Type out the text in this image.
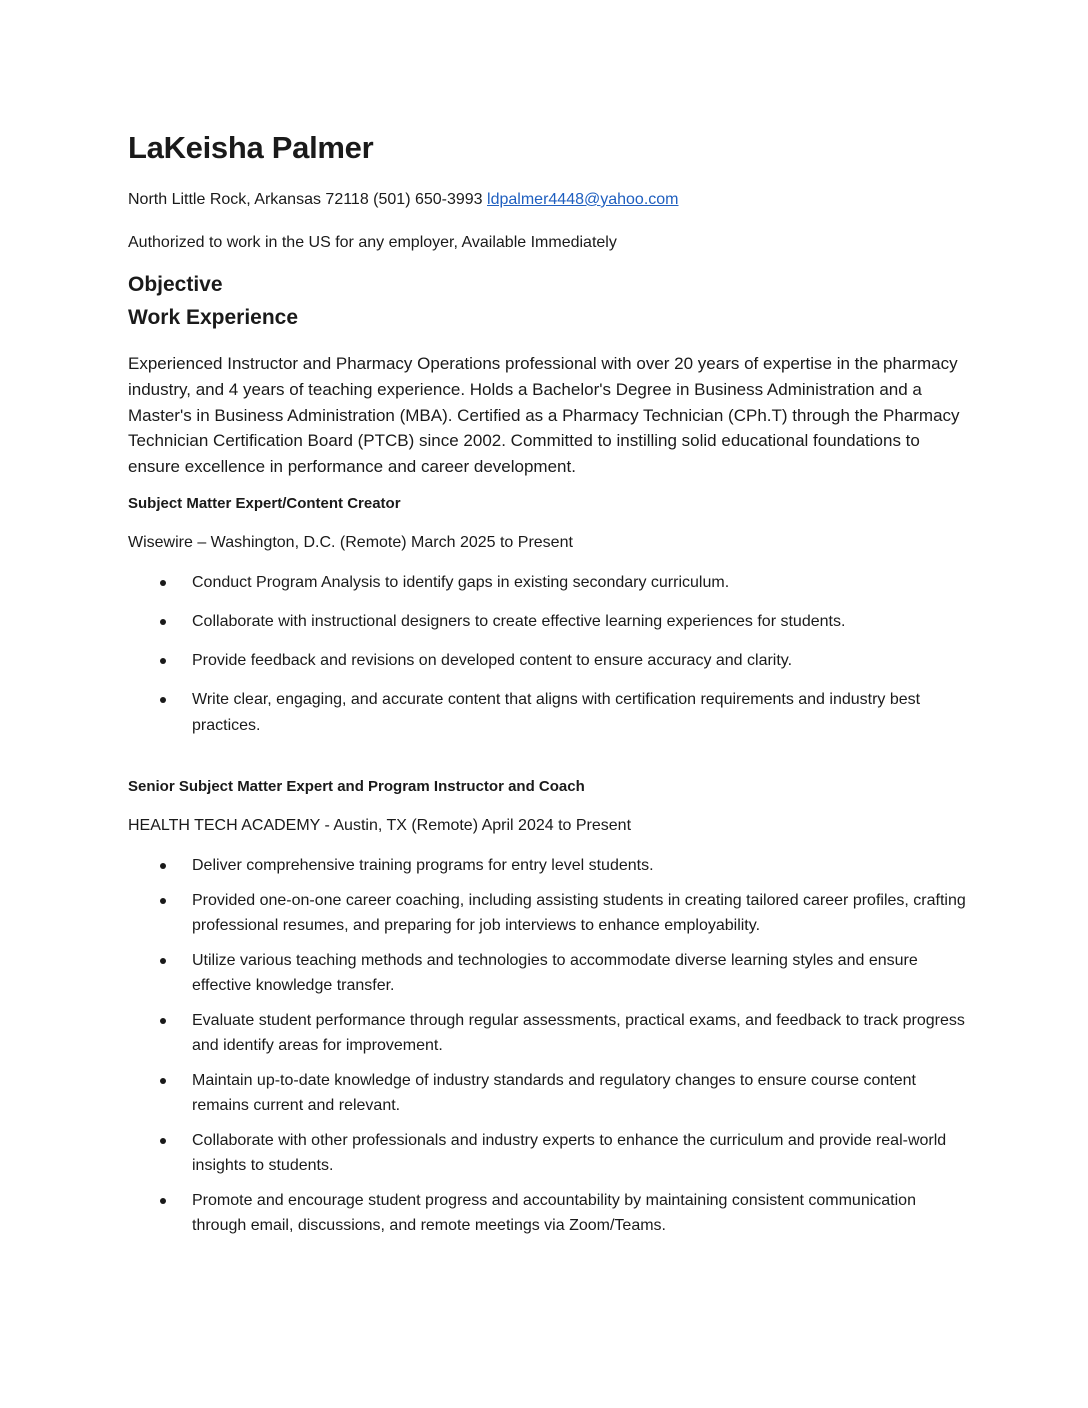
LaKeisha Palmer
North Little Rock, Arkansas 72118 (501) 650-3993 ldpalmer4448@yahoo.com
Authorized to work in the US for any employer, Available Immediately
Objective
Work Experience
Experienced Instructor and Pharmacy Operations professional with over 20 years of expertise in the pharmacy industry, and 4 years of teaching experience. Holds a Bachelor's Degree in Business Administration and a Master's in Business Administration (MBA). Certified as a Pharmacy Technician (CPh.T) through the Pharmacy Technician Certification Board (PTCB) since 2002. Committed to instilling solid educational foundations to ensure excellence in performance and career development.
Subject Matter Expert/Content Creator
Wisewire – Washington, D.C. (Remote) March 2025 to Present
Conduct Program Analysis to identify gaps in existing secondary curriculum.
Collaborate with instructional designers to create effective learning experiences for students.
Provide feedback and revisions on developed content to ensure accuracy and clarity.
Write clear, engaging, and accurate content that aligns with certification requirements and industry best practices.
Senior Subject Matter Expert and Program Instructor and Coach
HEALTH TECH ACADEMY - Austin, TX (Remote) April 2024 to Present
Deliver comprehensive training programs for entry level students.
Provided one-on-one career coaching, including assisting students in creating tailored career profiles, crafting professional resumes, and preparing for job interviews to enhance employability.
Utilize various teaching methods and technologies to accommodate diverse learning styles and ensure effective knowledge transfer.
Evaluate student performance through regular assessments, practical exams, and feedback to track progress and identify areas for improvement.
Maintain up-to-date knowledge of industry standards and regulatory changes to ensure course content remains current and relevant.
Collaborate with other professionals and industry experts to enhance the curriculum and provide real-world insights to students.
Promote and encourage student progress and accountability by maintaining consistent communication through email, discussions, and remote meetings via Zoom/Teams.
